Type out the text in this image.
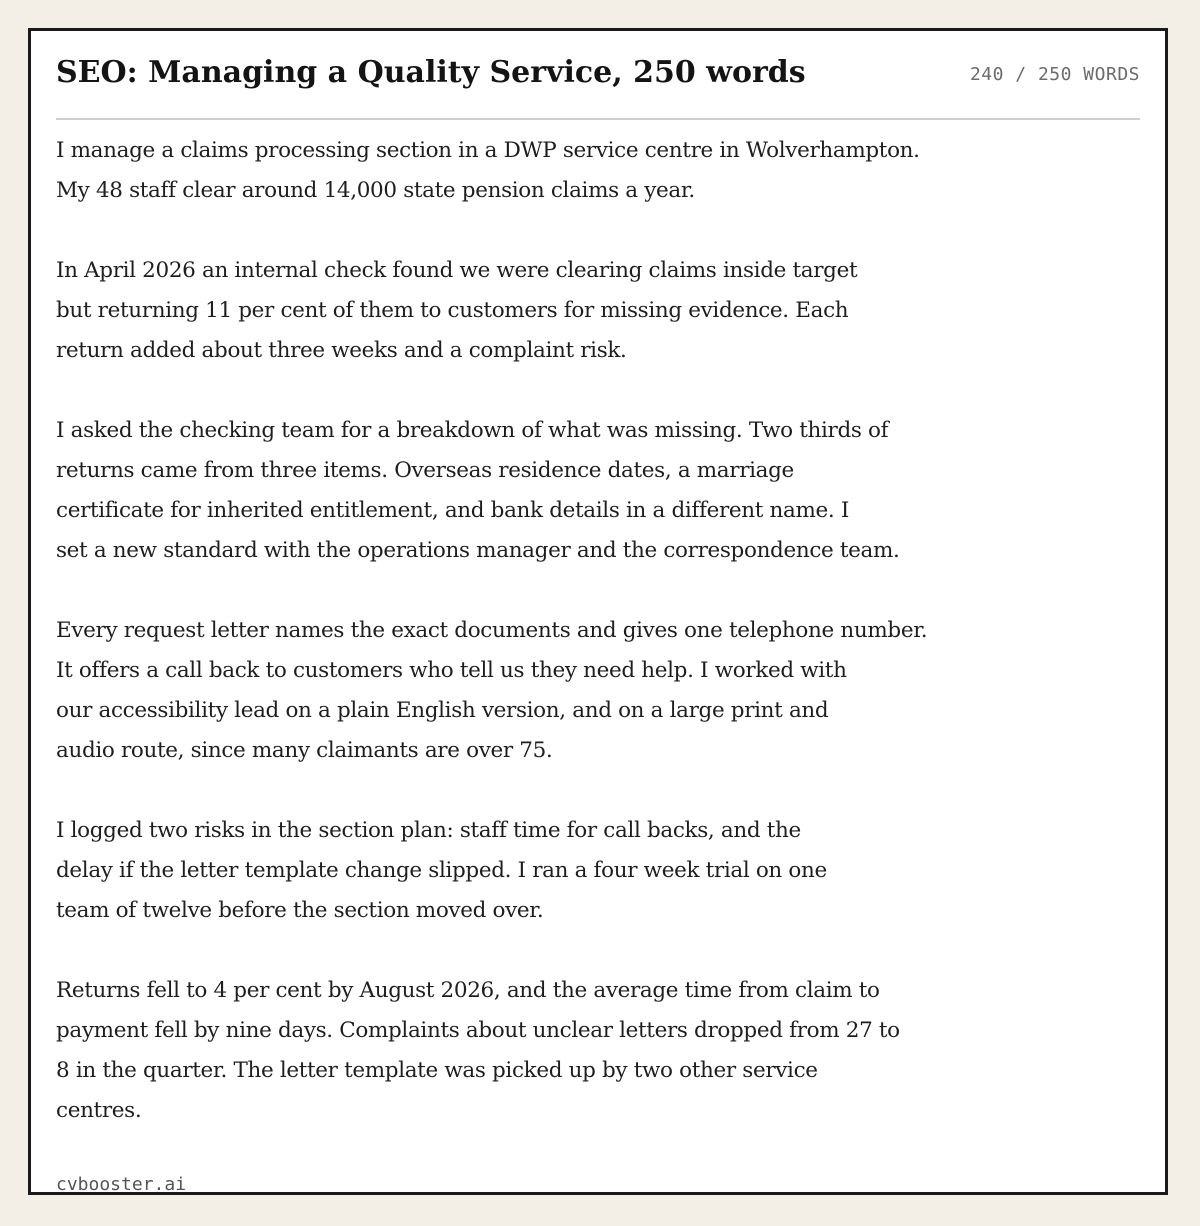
SEO: Managing a Quality Service, 250 words	240 / 250 WORDS

I manage a claims processing section in a DWP service centre in Wolverhampton.
My 48 staff clear around 14,000 state pension claims a year.

In April 2026 an internal check found we were clearing claims inside target
but returning 11 per cent of them to customers for missing evidence. Each
return added about three weeks and a complaint risk.

I asked the checking team for a breakdown of what was missing. Two thirds of
returns came from three items. Overseas residence dates, a marriage
certificate for inherited entitlement, and bank details in a different name. I
set a new standard with the operations manager and the correspondence team.

Every request letter names the exact documents and gives one telephone number.
It offers a call back to customers who tell us they need help. I worked with
our accessibility lead on a plain English version, and on a large print and
audio route, since many claimants are over 75.

I logged two risks in the section plan: staff time for call backs, and the
delay if the letter template change slipped. I ran a four week trial on one
team of twelve before the section moved over.

Returns fell to 4 per cent by August 2026, and the average time from claim to
payment fell by nine days. Complaints about unclear letters dropped from 27 to
8 in the quarter. The letter template was picked up by two other service
centres.

cvbooster.ai
